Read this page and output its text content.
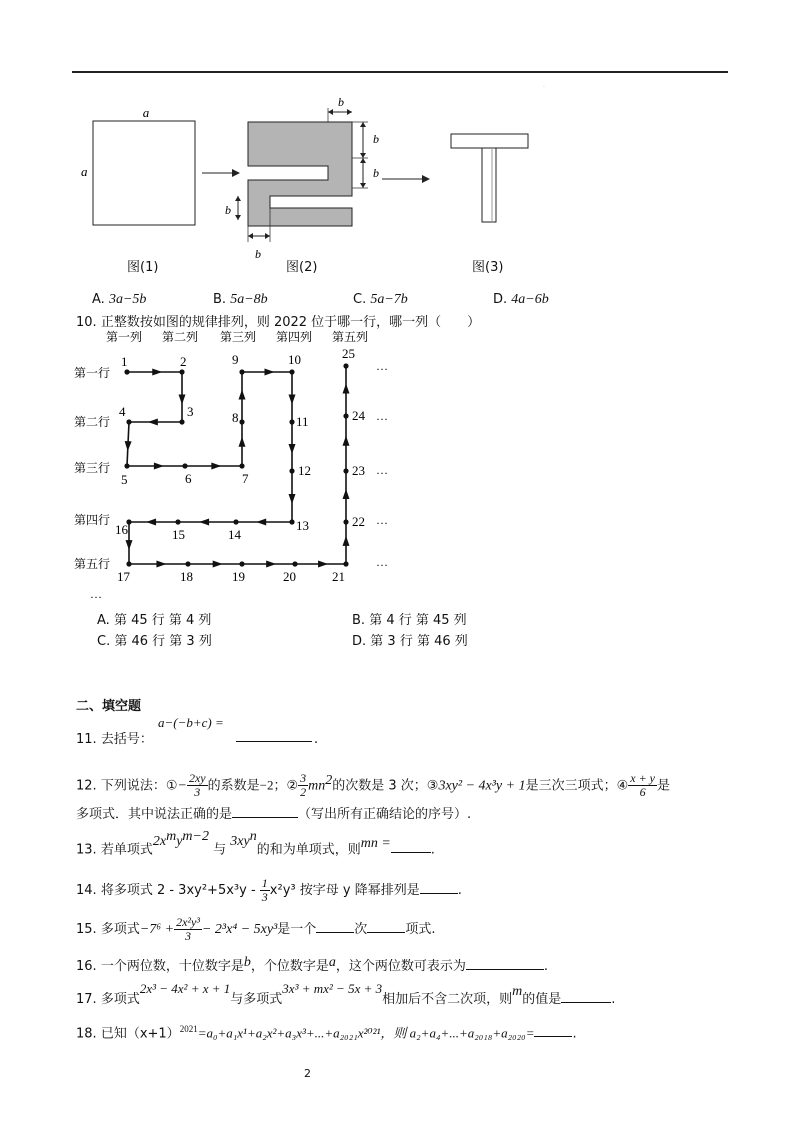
·
a
a
b
b
b
b
b
图(1)	图(2)	图(3)
A. 3a−5b	B. 5a−8b	C. 5a−7b	D. 4a−6b
10. 正整数按如图的规律排列，则 2022 位于哪一行，哪一列（　　）
1	2
3
4
5	6	7
8
9	10
11
12
13
14
15
16
17	18	19	20	21
22
23
24
25
第一列 第二列 第三列 第四列 第五列
第一行
第二行
第三行
第四行
第五行
…
…
…
…
…
…
A. 第 45 行 第 4 列	B. 第 4 行 第 45 列
C. 第 46 行 第 3 列	D. 第 3 行 第 46 列
二、填空题
11. 去括号：
a−(−b+c) =
.
12. 下列说法：①− $\frac{2xy}{3}$ 的系数是−2；② $\frac{3}{2} mn^2$的次数是 3 次；③3xy² − 4x³y + 1是三次三项式；④ $\frac{x + y}{6}$ 是
多项式．其中说法正确的是	（写出所有正确结论的序号）.
13. 若单项式$2x^my^{m-2}$ 与 $3xy^n$的和为单项式，则mn =	.
14. 将多项式 $2 - 3xy^2+5x^3y - \frac{1}{3} x^2y^3$ 按字母 y 降幂排列是	.
15. 多项式$-7^6 + \frac{\text{2x²y³}}{3} - 2^3x^4 - 5xy^3$是一个	次	项式.
16. 一个两位数，十位数字是b，个位数字是a，这个两位数可表示为	.
17. 多项式2x³ − 4x² + x + 1与多项式3x³ + mx² − 5x + 3相加后不含二次项，则m的值是	.
18. 已知$(x+1)^{2021}=a_0+a_1x^1+a_2x^2+a_3x^3+...+a_{2021}x^{2021}$，则 a₂+a₄+...+a₂₀₁₈+a₂₀₂₀=	.
2
